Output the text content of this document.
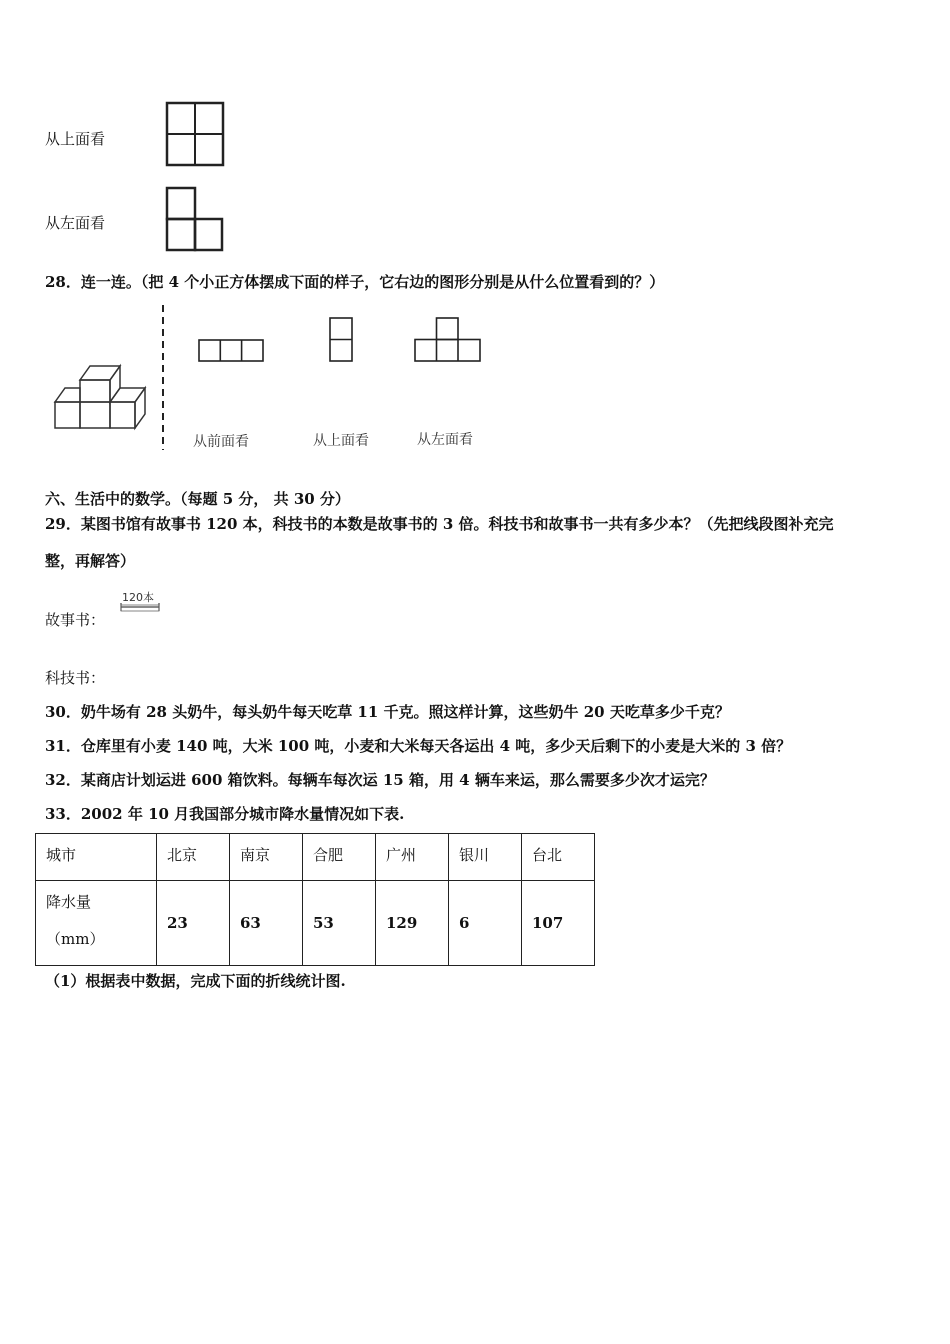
从上面看
从左面看
28．连一连。（把 4 个小正方体摆成下面的样子，它右边的图形分别是从什么位置看到的？）
从前面看	从上面看	从左面看
六、生活中的数学。（每题 5 分， 共 30 分）
29．某图书馆有故事书 120 本，科技书的本数是故事书的 3 倍。科技书和故事书一共有多少本？（先把线段图补充完
整，再解答）
故事书：
120本
科技书：
30．奶牛场有 28 头奶牛，每头奶牛每天吃草 11 千克。照这样计算，这些奶牛 20 天吃草多少千克？
31．仓库里有小麦 140 吨，大米 100 吨，小麦和大米每天各运出 4 吨，多少天后剩下的小麦是大米的 3 倍？
32．某商店计划运进 600 箱饮料。每辆车每次运 15 箱，用 4 辆车来运，那么需要多少次才运完？
33．2002 年 10 月我国部分城市降水量情况如下表.
城市	北京	南京	合肥	广州	银川	台北

降水量
（mm）	23	63	53	129	6	107
（1）根据表中数据，完成下面的折线统计图.
